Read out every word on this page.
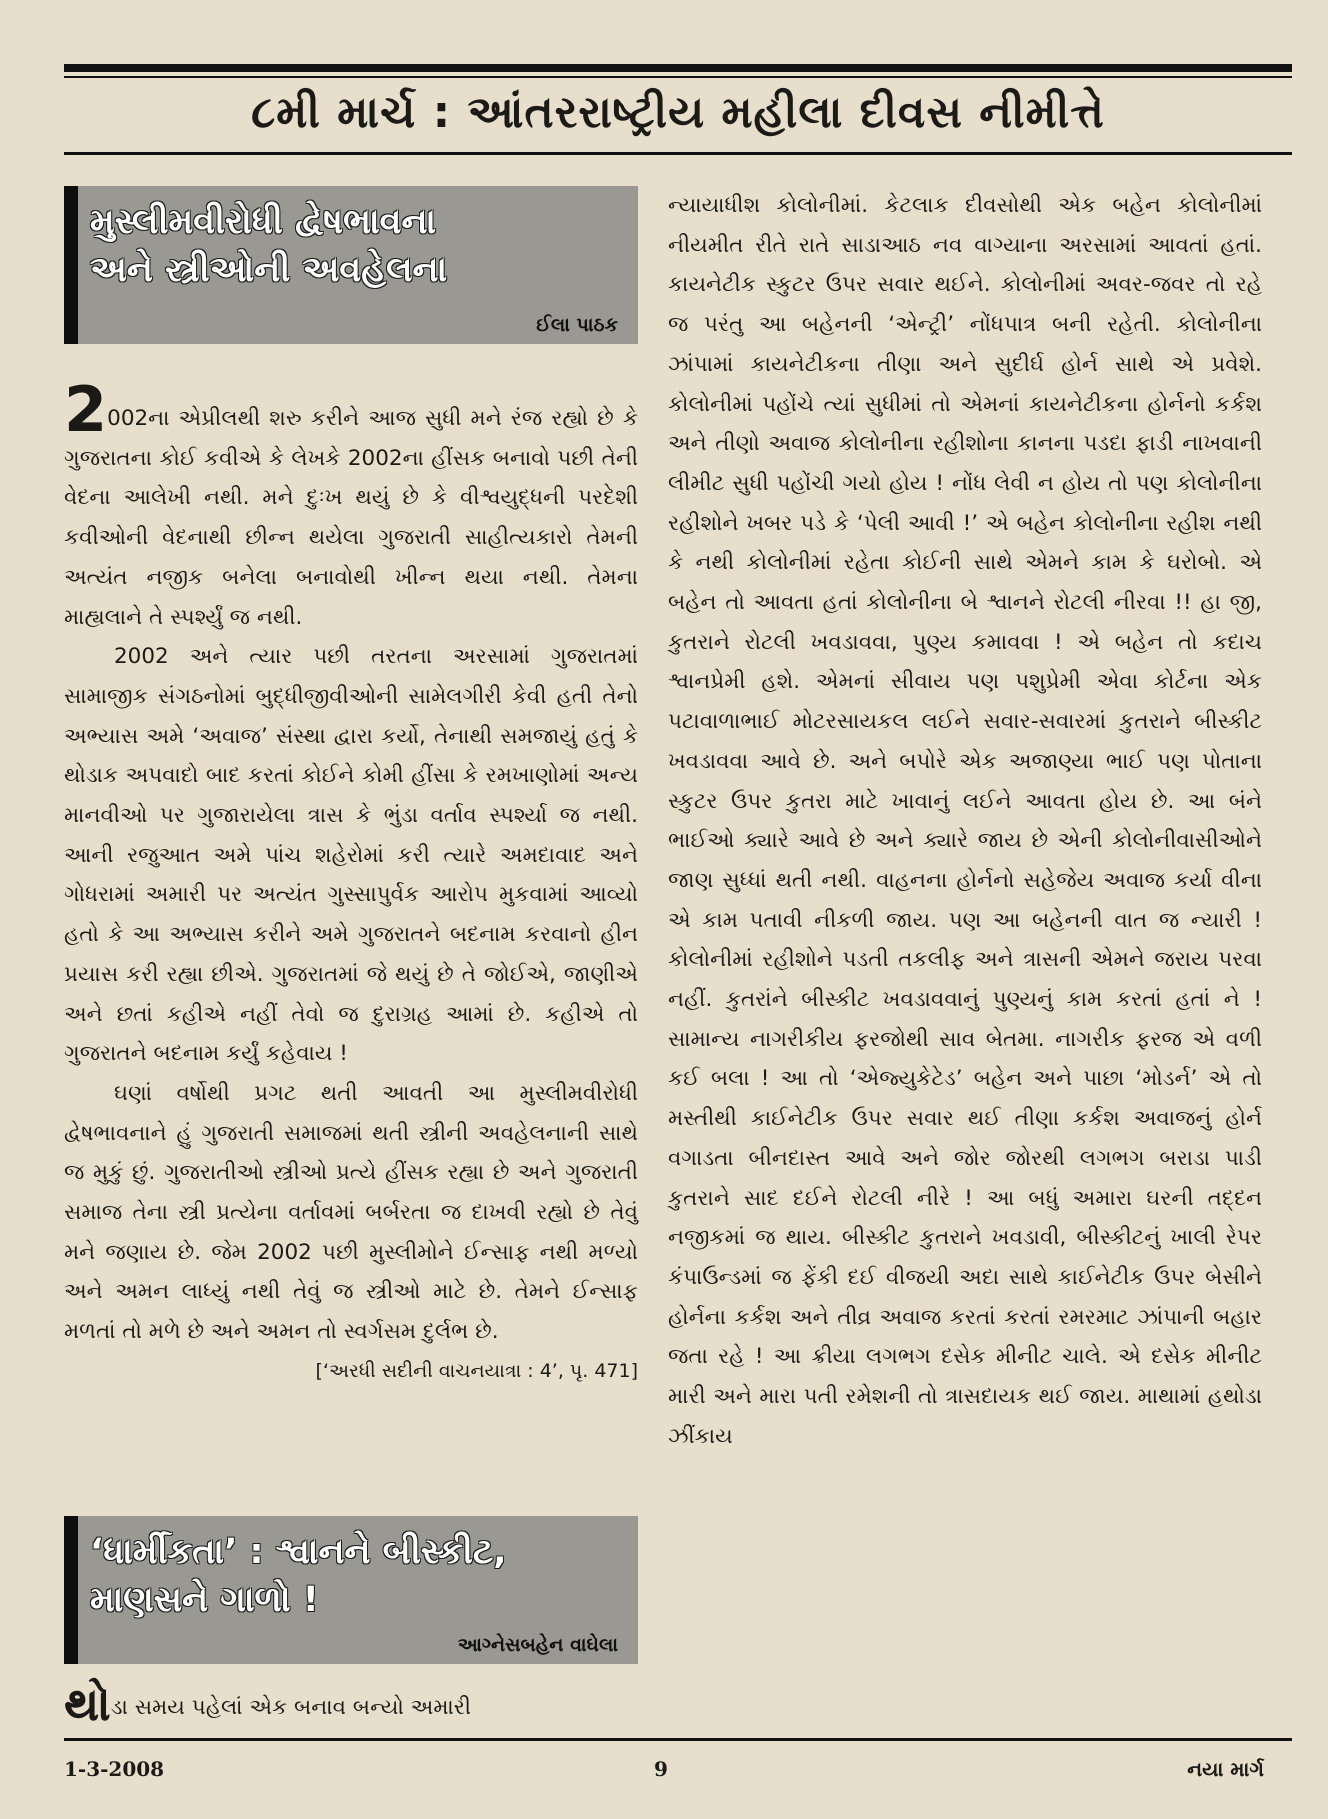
૮મી માર્ચ : આંતરરાષ્ટ્રીય મહીલા દીવસ નીમીત્તે
મુસ્લીમવીરોધી દ્વેષભાવના
અને સ્ત્રીઓની અવહેલના
ઈલા પાઠક

2002ના એપ્રીલથી શરુ કરીને આજ સુધી મને રંજ રહ્યો છે કે ગુજરાતના કોઈ કવીએ કે લેખકે 2002ના હીંસક બનાવો પછી તેની વેદના આલેખી નથી. મને દુઃખ થયું છે કે વીશ્વયુદ્ધની પરદેશી કવીઓની વેદનાથી છીન્ન થયેલા ગુજરાતી સાહીત્યકારો તેમની અત્યંત નજીક બનેલા બનાવોથી ખીન્ન થયા નથી. તેમના માહ્યલાને તે સ્પર્શ્યું જ નથી.

2002 અને ત્યાર પછી તરતના અરસામાં ગુજરાતમાં સામાજીક સંગઠનોમાં બુદ્ધીજીવીઓની સામેલગીરી કેવી હતી તેનો અભ્યાસ અમે ‘અવાજ’ સંસ્થા દ્વારા કર્યો, તેનાથી સમજાયું હતું કે થોડાક અપવાદો બાદ કરતાં કોઈને કોમી હીંસા કે રમખાણોમાં અન્ય માનવીઓ પર ગુજારાયેલા ત્રાસ કે ભુંડા વર્તાવ સ્પર્શ્યા જ નથી. આની રજુઆત અમે પાંચ શહેરોમાં કરી ત્યારે અમદાવાદ અને ગોધરામાં અમારી પર અત્યંત ગુસ્સાપુર્વક આરોપ મુકવામાં આવ્યો હતો કે આ અભ્યાસ કરીને અમે ગુજરાતને બદનામ કરવાનો હીન પ્રયાસ કરી રહ્યા છીએ. ગુજરાતમાં જે થયું છે તે જોઈએ, જાણીએ અને છતાં કહીએ નહીં તેવો જ દુરાગ્રહ આમાં છે. કહીએ તો ગુજરાતને બદનામ કર્યું કહેવાય !

ઘણાં વર્ષોથી પ્રગટ થતી આવતી આ મુસ્લીમવીરોધી દ્વેષભાવનાને હું ગુજરાતી સમાજમાં થતી સ્ત્રીની અવહેલનાની સાથે જ મુકું છું. ગુજરાતીઓ સ્ત્રીઓ પ્રત્યે હીંસક રહ્યા છે અને ગુજરાતી સમાજ તેના સ્ત્રી પ્રત્યેના વર્તાવમાં બર્બરતા જ દાખવી રહ્યો છે તેવું મને જણાય છે. જેમ 2002 પછી મુસ્લીમોને ઈન્સાફ નથી મળ્યો અને અમન લાધ્યું નથી તેવું જ સ્ત્રીઓ માટે છે. તેમને ઈન્સાફ મળતાં તો મળે છે અને અમન તો સ્વર્ગસમ દુર્લભ છે.

[‘અરધી સદીની વાચનયાત્રા : 4’, પૃ. 471]

‘ધાર્મીકતા’ : શ્વાનને બીસ્કીટ,
માણસને ગાળો !
આગ્નેસબહેન વાઘેલા

થોડા સમય પહેલાં એક બનાવ બન્યો અમારી

ન્યાયાધીશ કોલોનીમાં. કેટલાક દીવસોથી એક બહેન કોલોનીમાં નીયમીત રીતે રાતે સાડાઆઠ નવ વાગ્યાના અરસામાં આવતાં હતાં. કાયનેટીક સ્કુટર ઉપર સવાર થઈને. કોલોનીમાં અવર-જવર તો રહે જ પરંતુ આ બહેનની ‘એન્ટ્રી’ નોંધપાત્ર બની રહેતી. કોલોનીના ઝાંપામાં કાયનેટીકના તીણા અને સુદીર્ઘ હોર્ન સાથે એ પ્રવેશે. કોલોનીમાં પહોંચે ત્યાં સુધીમાં તો એમનાં કાયનેટીકના હોર્નનો કર્કશ અને તીણો અવાજ કોલોનીના રહીશોના કાનના પડદા ફાડી નાખવાની લીમીટ સુધી પહોંચી ગયો હોય ! નોંધ લેવી ન હોય તો પણ કોલોનીના રહીશોને ખબર પડે કે ‘પેલી આવી !’ એ બહેન કોલોનીના રહીશ નથી કે નથી કોલોનીમાં રહેતા કોઈની સાથે એમને કામ કે ઘરોબો. એ બહેન તો આવતા હતાં કોલોનીના બે શ્વાનને રોટલી નીરવા !! હા જી, કુતરાને રોટલી ખવડાવવા, પુણ્ય કમાવવા ! એ બહેન તો કદાચ શ્વાનપ્રેમી હશે. એમનાં સીવાય પણ પશુપ્રેમી એવા કોર્ટના એક પટાવાળાભાઈ મોટરસાયકલ લઈને સવાર-સવારમાં કુતરાને બીસ્કીટ ખવડાવવા આવે છે. અને બપોરે એક અજાણ્યા ભાઈ પણ પોતાના સ્કુટર ઉપર કુતરા માટે ખાવાનું લઈને આવતા હોય છે. આ બંને ભાઈઓ ક્યારે આવે છે અને ક્યારે જાય છે એની કોલોનીવાસીઓને જાણ સુધ્ધાં થતી નથી. વાહનના હોર્નનો સહેજેય અવાજ કર્યા વીના એ કામ પતાવી નીકળી જાય. પણ આ બહેનની વાત જ ન્યારી ! કોલોનીમાં રહીશોને પડતી તકલીફ અને ત્રાસની એમને જરાય પરવા નહીં. કુતરાંને બીસ્કીટ ખવડાવવાનું પુણ્યનું કામ કરતાં હતાં ને ! સામાન્ય નાગરીકીય ફરજોથી સાવ બેતમા. નાગરીક ફરજ એ વળી કઈ બલા ! આ તો ‘એજ્યુકેટેડ’ બહેન અને પાછા ‘મોડર્ન’ એ તો મસ્તીથી કાઈનેટીક ઉપર સવાર થઈ તીણા કર્કશ અવાજનું હોર્ન વગાડતા બીનદાસ્ત આવે અને જોર જોરથી લગભગ બરાડા પાડી કુતરાને સાદ દઈને રોટલી નીરે ! આ બધું અમારા ઘરની તદ્દન નજીકમાં જ થાય. બીસ્કીટ કુતરાને ખવડાવી, બીસ્કીટનું ખાલી રેપર કંપાઉન્ડમાં જ ફેંકી દઈ વીજયી અદા સાથે કાઈનેટીક ઉપર બેસીને હોર્નના કર્કશ અને તીવ્ર અવાજ કરતાં કરતાં રમરમાટ ઝાંપાની બહાર જતા રહે ! આ ક્રીયા લગભગ દસેક મીનીટ ચાલે. એ દસેક મીનીટ મારી અને મારા પતી રમેશની તો ત્રાસદાયક થઈ જાય. માથામાં હથોડા ઝીંકાય

1-3-2008	9	નયા માર્ગ
